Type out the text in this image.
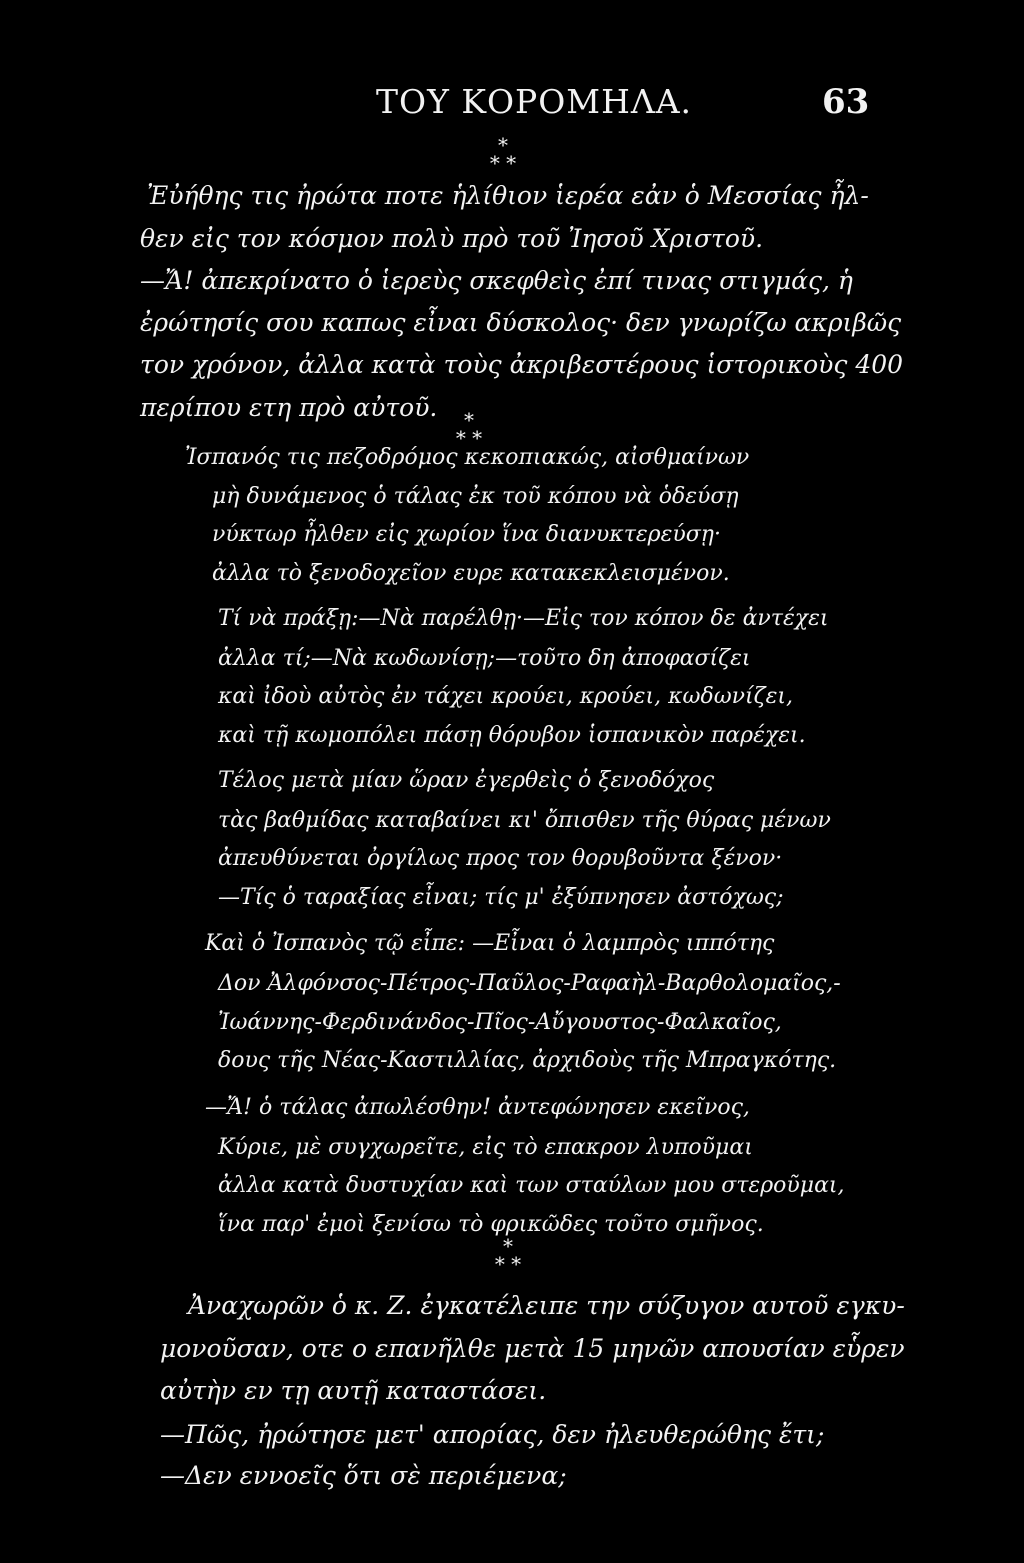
ΤΟΥ ΚΟΡΟΜΗΛΑ.	63
*
* *
Ἐὐήθης τις ἠρώτα ποτε ἡλίθιον ἱερέα εἀν ὁ Μεσσίας ἦλ-
θεν εἰς τον κόσμον πολὺ πρὸ τοῦ Ἰησοῦ Χριστοῦ.
—Ἄ! ἀπεκρίνατο ὁ ἱερεὺς σκεφθεὶς ἐπί τινας στιγμάς, ἡ
ἐρώτησίς σου καπως εἶναι δύσκολος· δεν γνωρίζω ακριβῶς
τον χρόνον, ἀλλα κατὰ τοὺς ἀκριβεστέρους ἱστορικοὺς 400
περίπου ετη πρὸ αὐτοῦ.	*
* *
Ἰσπανός τις πεζοδρόμος κεκοπιακώς, αἰσθμαίνων
μὴ δυνάμενος ὁ τάλας ἐκ τοῦ κόπου νὰ ὁδεύσῃ
νύκτωρ ἦλθεν εἰς χωρίον ἵνα διανυκτερεύσῃ·
ἀλλα τὸ ξενοδοχεῖον ευρε κατακεκλεισμένον.
Τί νὰ πράξῃ:—Νὰ παρέλθῃ·—Εἰς τον κόπον δε ἀντέχει
ἀλλα τί;—Νὰ κωδωνίσῃ;—τοῦτο δη ἀποφασίζει
καὶ ἰδοὺ αὐτὸς ἐν τάχει κρούει, κρούει, κωδωνίζει,
καὶ τῇ κωμοπόλει πάσῃ θόρυβον ἱσπανικὸν παρέχει.
Τέλος μετὰ μίαν ὥραν ἐγερθεὶς ὁ ξενοδόχος
τὰς βαθμίδας καταβαίνει κι' ὄπισθεν τῆς θύρας μένων
ἀπευθύνεται ὀργίλως προς τον θορυβοῦντα ξένον·
—Τίς ὁ ταραξίας εἶναι; τίς μ' ἐξύπνησεν ἀστόχως;
Καὶ ὁ Ἰσπανὸς τῷ εἶπε: —Εἶναι ὁ λαμπρὸς ιππότης
Δον Ἀλφόνσος-Πέτρος-Παῦλος-Ραφαὴλ-Βαρθολομαῖος,-
Ἰωάννης-Φερδινάνδος-Πῖος-Αὔγουστος-Φαλκαῖος,
δους τῆς Νέας-Καστιλλίας, ἀρχιδοὺς τῆς Μπραγκότης.
—Ἄ! ὁ τάλας ἀπωλέσθην! ἀντεφώνησεν εκεῖνος,
Κύριε, μὲ συγχωρεῖτε, εἰς τὸ επακρον λυποῦμαι
ἀλλα κατὰ δυστυχίαν καὶ των σταύλων μου στεροῦμαι,
ἵνα παρ' ἐμοὶ ξενίσω τὸ φρικῶδες τοῦτο σμῆνος.
*
* *
Ἀναχωρῶν ὁ κ. Ζ. ἐγκατέλειπε την σύζυγον αυτοῦ εγκυ-
μονοῦσαν, οτε ο επανῆλθε μετὰ 15 μηνῶν απουσίαν εὗρεν
αὐτὴν εν τῃ αυτῇ καταστάσει.
—Πῶς, ἠρώτησε μετ' απορίας, δεν ἠλευθερώθης ἔτι;
—Δεν εννοεῖς ὅτι σὲ περιέμενα;
